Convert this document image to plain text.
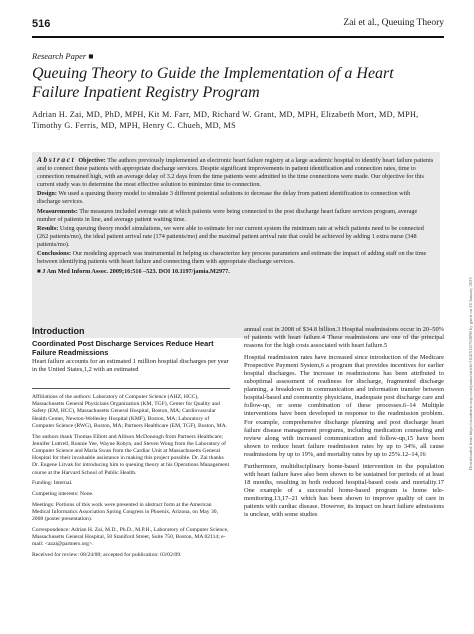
516	Zai et al., Queuing Theory
Research Paper ■
Queuing Theory to Guide the Implementation of a Heart Failure Inpatient Registry Program
Adrian H. Zai, MD, PhD, MPH, Kit M. Farr, MD, Richard W. Grant, MD, MPH, Elizabeth Mort, MD, MPH, Timothy G. Ferris, MD, MPH, Henry C. Chueh, MD, MS

Abstract Objective: The authors previously implemented an electronic heart failure registry at a large academic hospital to identify heart failure patients and to connect these patients with appropriate discharge services. Despite significant improvements in patient identification and connection rates, time to connection remained high, with an average delay of 3.2 days from the time patients were admitted to the time connections were made. Our objective for this current study was to determine the most effective solution to minimize time to connection.

Design: We used a queuing theory model to simulate 3 different potential solutions to decrease the delay from patient identification to connection with discharge services.

Measurements: The measures included average rate at which patients were being connected to the post discharge heart failure services program, average number of patients in line, and average patient waiting time.

Results: Using queuing theory model simulations, we were able to estimate for our current system the minimum rate at which patients need to be connected (262 patients/mo), the ideal patient arrival rate (174 patients/mo) and the maximal patient arrival rate that could be achieved by adding 1 extra nurse (348 patients/mo).

Conclusions: Our modeling approach was instrumental in helping us characterize key process parameters and estimate the impact of adding staff on the time between identifying patients with heart failure and connecting them with appropriate discharge services.

■ J Am Med Inform Assoc. 2009;16:516 –523. DOI 10.1197/jamia.M2977.

Downloaded from https://academic.oup.com/jamia/article/16/4/516/763698 by guest on 26 January 2023
Introduction
Coordinated Post Discharge Services Reduce Heart Failure Readmissions
Heart failure accounts for an estimated 1 million hospital discharges per year in the United States,1,2 with an estimated

Affiliations of the authors: Laboratory of Computer Science (AHZ, HCC), Massachusetts General Physicians Organization (KM, TGF), Center for Quality and Safety (EM, HCC), Massachusetts General Hospital, Boston, MA; Cardiovascular Health Center, Newton-Wellesley Hospital (KMF), Boston, MA; Laboratory of Computer Science (RWG), Boston, MA; Partners Healthcare (EM, TGF), Boston, MA.

The authors thank Thomas Elliott and Allison McDonough from Partners Healthcare; Jennifer Luttrell, Ronnie Yee, Wayne Robyn, and Steven Wong from the Laboratory of Computer Science and Maria Swan from the Cardiac Unit at Massachusetts General Hospital for their invaluable assistance in making this project possible. Dr. Zai thanks Dr. Eugene Litvak for introducing him to queuing theory at his Operations Management course at the Harvard School of Public Health.

Funding: Internal.

Competing interests: None.

Meetings: Portions of this work were presented in abstract form at the American Medical Informatics Association Spring Congress in Phoenix, Arizona, on May 30, 2008 (poster presentation).

Correspondence: Adrian H. Zai, M.D., Ph.D., M.P.H., Laboratory of Computer Science, Massachusetts General Hospital, 50 Staniford Street, Suite 750, Boston, MA 02114; e-mail: <azai@partners.org>.

Received for review: 08/24/08; accepted for publication: 03/02/09.

annual cost in 2008 of $34.8 billion.3 Hospital readmissions occur in 20–50% of patients with heart failure.4 These readmissions are one of the principal reasons for the high costs associated with heart failure.5

Hospital readmission rates have increased since introduction of the Medicare Prospective Payment System,6 a program that provides incentives for earlier hospital discharges. The increase in readmissions has been attributed to suboptimal assessment of readiness for discharge, fragmented discharge planning, a breakdown in communication and information transfer between hospital-based and community physicians, inadequate post discharge care and follow-up, or some combination of these processes.6–14 Multiple interventions have been developed in response to the readmission problem. For example, comprehensive discharge planning and post discharge heart failure disease management programs, including medication counseling and review along with increased communication and follow-up,15 have been shown to reduce heart failure readmission rates by up to 34%, all cause readmissions by up to 19%, and mortality rates by up to 25%.12–14,16

Furthermore, multidisciplinary home-based intervention in the population with heart failure have also been shown to be sustained for periods of at least 18 months, resulting in both reduced hospital-based costs and mortality.17 One example of a successful home-based program is home tele-monitoring.13,17–21 which has been shown to improve quality of care in patients with cardiac disease. However, its impact on heart failure admissions is unclear, with some studies
